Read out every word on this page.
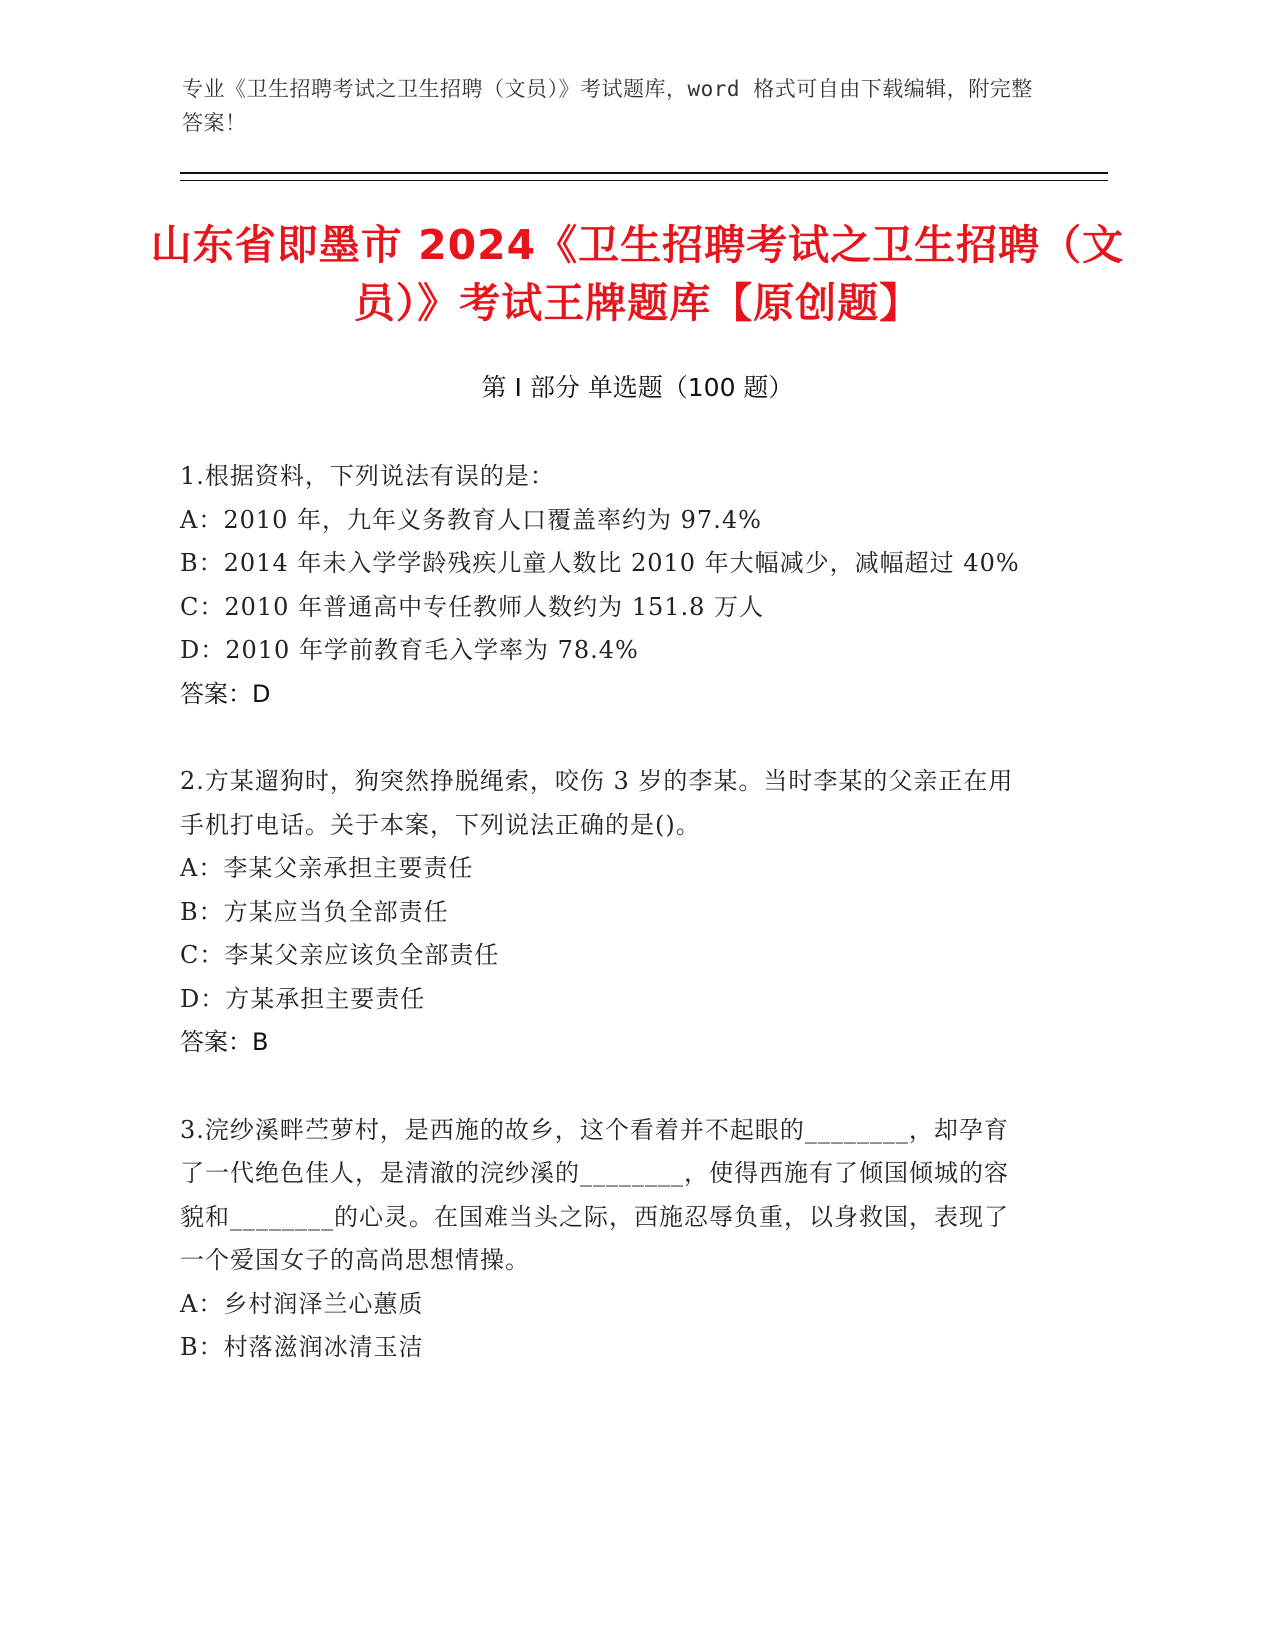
专业《卫生招聘考试之卫生招聘（文员）》考试题库，word 格式可自由下载编辑，附完整答案！
山东省即墨市 2024《卫生招聘考试之卫生招聘（文员）》考试王牌题库【原创题】
第 I 部分 单选题（100 题）

1.根据资料，下列说法有误的是：

A：2010 年，九年义务教育人口覆盖率约为 97.4%

B：2014 年未入学学龄残疾儿童人数比 2010 年大幅减少，减幅超过 40%

C：2010 年普通高中专任教师人数约为 151.8 万人

D：2010 年学前教育毛入学率为 78.4%

答案：D

2.方某遛狗时，狗突然挣脱绳索，咬伤 3 岁的李某。当时李某的父亲正在用手机打电话。关于本案，下列说法正确的是()。

A：李某父亲承担主要责任

B：方某应当负全部责任

C：李某父亲应该负全部责任

D：方某承担主要责任

答案：B

3.浣纱溪畔苎萝村，是西施的故乡，这个看着并不起眼的________，却孕育了一代绝色佳人，是清澈的浣纱溪的________，使得西施有了倾国倾城的容貌和________的心灵。在国难当头之际，西施忍辱负重，以身救国，表现了一个爱国女子的高尚思想情操。

A：乡村润泽兰心蕙质

B：村落滋润冰清玉洁
